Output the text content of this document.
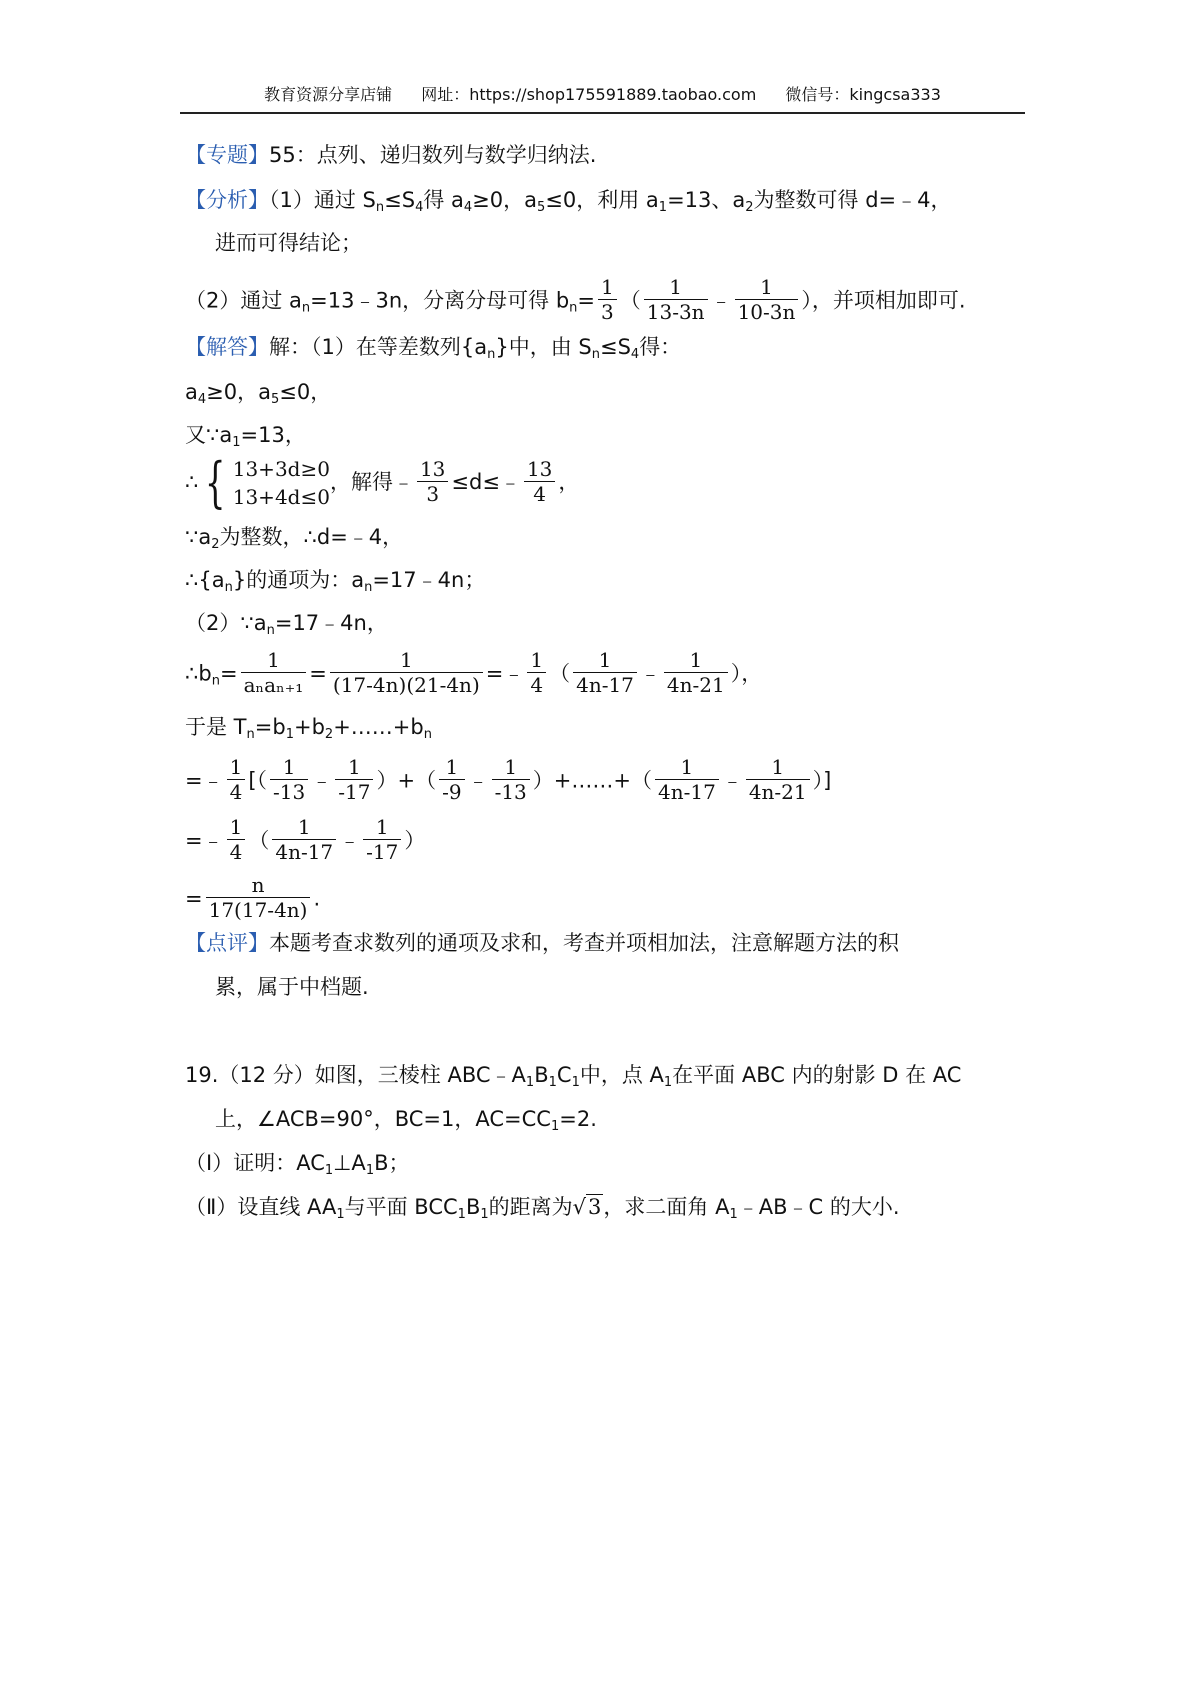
教育资源分享店铺 网址：https://shop175591889.taobao.com 微信号：kingcsa333
【专题】55：点列、递归数列与数学归纳法.
【分析】（1）通过 $S_n\le S_4$得 $a_4\ge 0$，$a_5\le 0$，利用 $a_1=13$、$a_2$为整数可得 d=﹣4，
进而可得结论；
（2）通过 $a_n=13﹣3n$，分离分母可得 $b_n= \frac{1}{3}$ （ $\frac{1}{13-3n}$ ﹣ $\frac{1}{10-3n}$ ），并项相加即可.
【解答】解：（1）在等差数列$\{a_n\}$中，由 $S_n\le S_4$得：
$a_4\ge 0$，$a_5\le 0$，
又$\because a_1=13$，
∴ { 13+3d≥0
13+4d≤0
，解得﹣ $\frac{13}{3}$ ≤d≤﹣ $\frac{13}{4}$ ，
$\because a_2$为整数，∴d=﹣4，
$\therefore\{a_n\}$的通项为：$a_n=17﹣4n$；
$(2)\because a_n=17﹣4n$，
$\therefore b_n= \frac{1}{\text{aₙaₙ₊₁}} = \frac{1}{(17-4n)(21-4n)}$ =﹣ $\frac{1}{4}$ （ $\frac{1}{4n-17}$ ﹣ $\frac{1}{4n-21}$ ），
于是 $T_n=b_1+b_2+\dots\dots+b_n$
=﹣ $\frac{1}{4}$ [（ $\frac{1}{-13}$ ﹣ $\frac{1}{-17}$ ）+（ $\frac{1}{-9}$ ﹣ $\frac{1}{-13}$ ）+……+（ $\frac{1}{4n-17}$ ﹣ $\frac{1}{4n-21}$ ）]
=﹣ $\frac{1}{4}$ （ $\frac{1}{4n-17}$ ﹣ $\frac{1}{-17}$ ）
= $\frac{n}{17(17-4n)}$ .
【点评】本题考查求数列的通项及求和，考查并项相加法，注意解题方法的积
累，属于中档题.
19.（12 分）如图，三棱柱 $ABC﹣A_1B_1C_1$中，点 $A_1$在平面 ABC 内的射影 D 在 AC
上，∠ACB=90°，BC=1，$AC=CC_1=2$.
（Ⅰ）证明：$AC_1\perp A_1B$；
（Ⅱ）设直线 $AA_1$与平面 $BCC_1B_1$的距离为√3，求二面角 $A_1﹣AB﹣C$ 的大小.
